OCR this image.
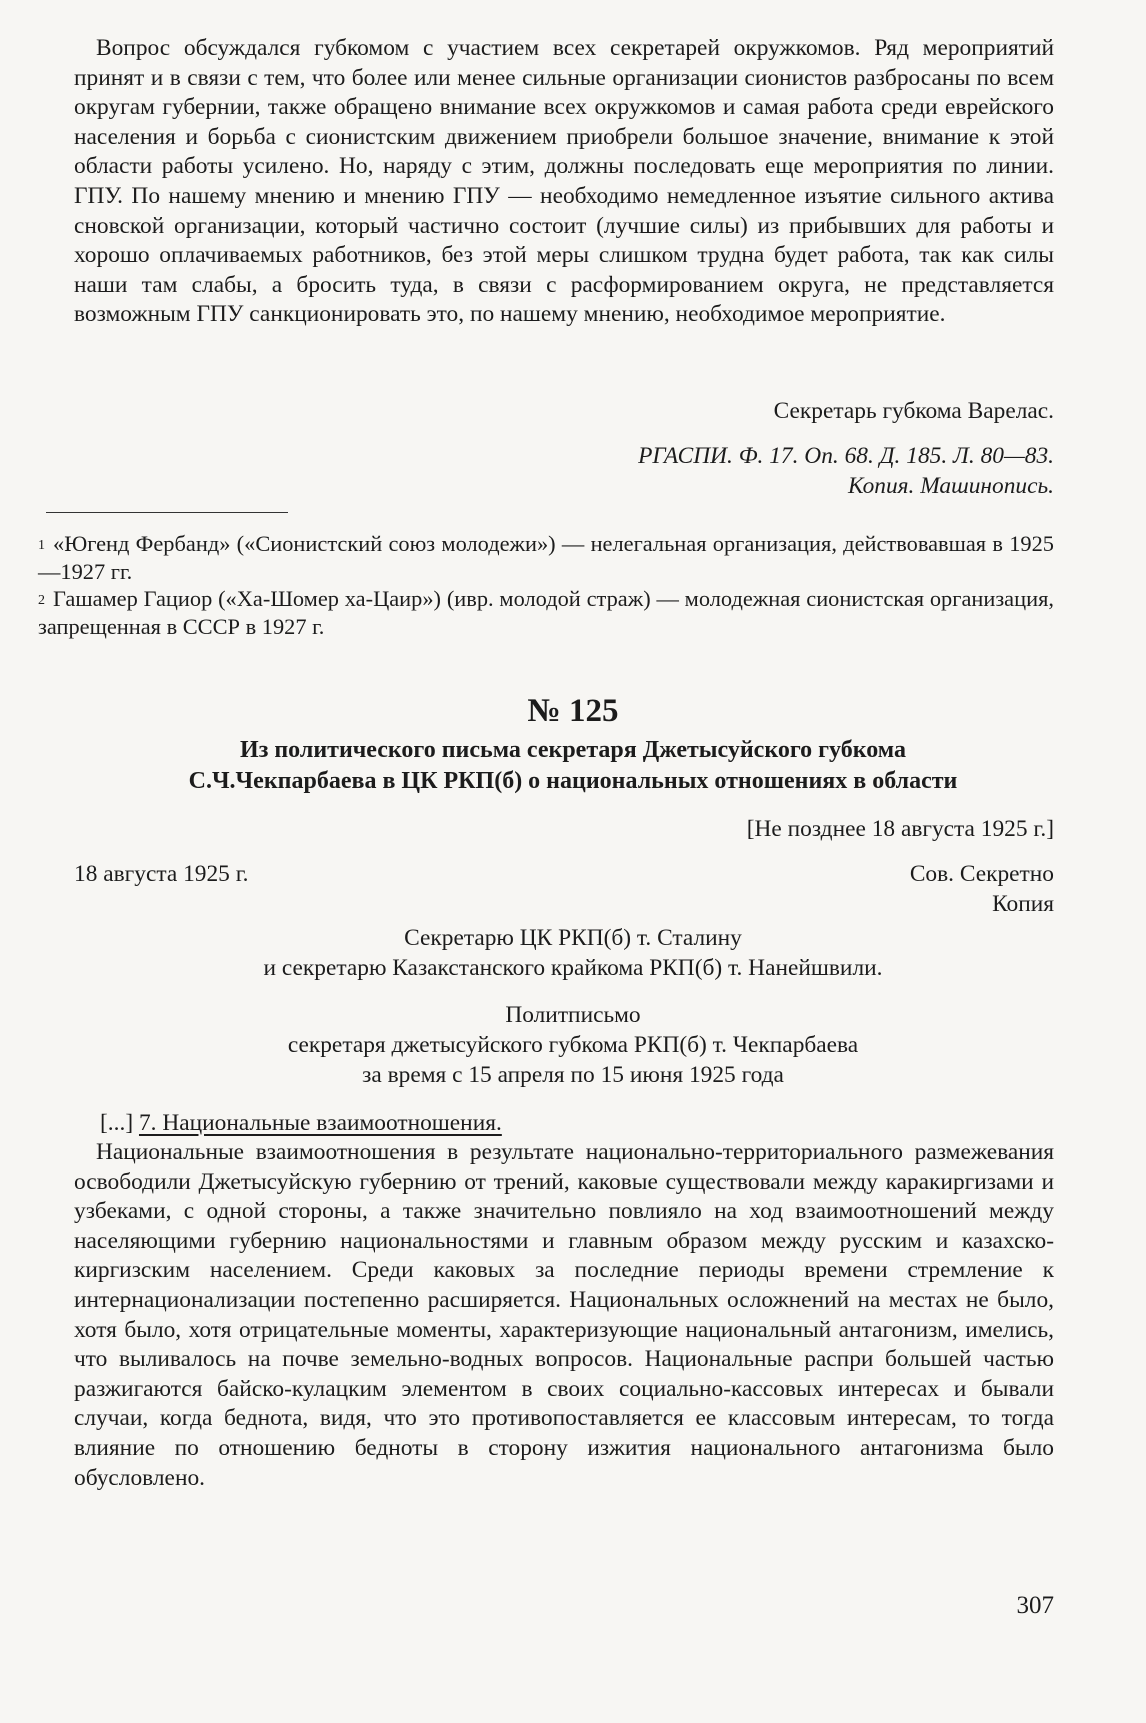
Вопрос обсуждался губкомом с участием всех секретарей окружкомов. Ряд мероприятий принят и в связи с тем, что более или менее сильные организации сионистов разбросаны по всем округам губернии, также обращено внимание всех окружкомов и самая работа среди еврейского населения и борьба с сионистским движением приобрели большое значение, внимание к этой области работы усилено. Но, наряду с этим, должны последовать еще мероприятия по линии. ГПУ. По нашему мнению и мнению ГПУ — необходимо немедленное изъятие сильного актива сновской организации, который частично состоит (лучшие силы) из прибывших для работы и хорошо оплачиваемых работников, без этой меры слишком трудна будет работа, так как силы наши там слабы, а бросить туда, в связи с расформированием округа, не представляется возможным ГПУ санкционировать это, по нашему мнению, необходимое мероприятие.

Секретарь губкома Варелас.
РГАСПИ. Ф. 17. Оп. 68. Д. 185. Л. 80—83.
Копия. Машинопись.
$^1$ «Югенд Фербанд» («Сионистский союз молодежи») — нелегальная организация, действовавшая в 1925—1927 гг.
$^2$ Гашамер Гациор («Ха-Шомер ха-Цаир») (ивр. молодой страж) — молодежная сионистская организация, запрещенная в СССР в 1927 г.
№ 125
Из политического письма секретаря Джетысуйского губкома
С.Ч.Чекпарбаева в ЦК РКП(б) о национальных отношениях в области
[Не позднее 18 августа 1925 г.]
18 августа 1925 г.	Сов. Секретно
Копия
Секретарю ЦК РКП(б) т. Сталину
и секретарю Казакстанского крайкома РКП(б) т. Нанейшвили.
Политписьмо
секретаря джетысуйского губкома РКП(б) т. Чекпарбаева
за время с 15 апреля по 15 июня 1925 года
[...] 7. Национальные взаимоотношения.

Национальные взаимоотношения в результате национально-территориального размежевания освободили Джетысуйскую губернию от трений, каковые существовали между каракиргизами и узбеками, с одной стороны, а также значительно повлияло на ход взаимоотношений между населяющими губернию национальностями и главным образом между русским и казахско-киргизским населением. Среди каковых за последние периоды времени стремление к интернационализации постепенно расширяется. Национальных осложнений на местах не было, хотя было, хотя отрицательные моменты, характеризующие национальный антагонизм, имелись, что выливалось на почве земельно-водных вопросов. Национальные распри большей частью разжигаются байско-кулацким элементом в своих социально-кассовых интересах и бывали случаи, когда беднота, видя, что это противопоставляется ее классовым интересам, то тогда влияние по отношению бедноты в сторону изжития национального антагонизма было обусловлено.

307
